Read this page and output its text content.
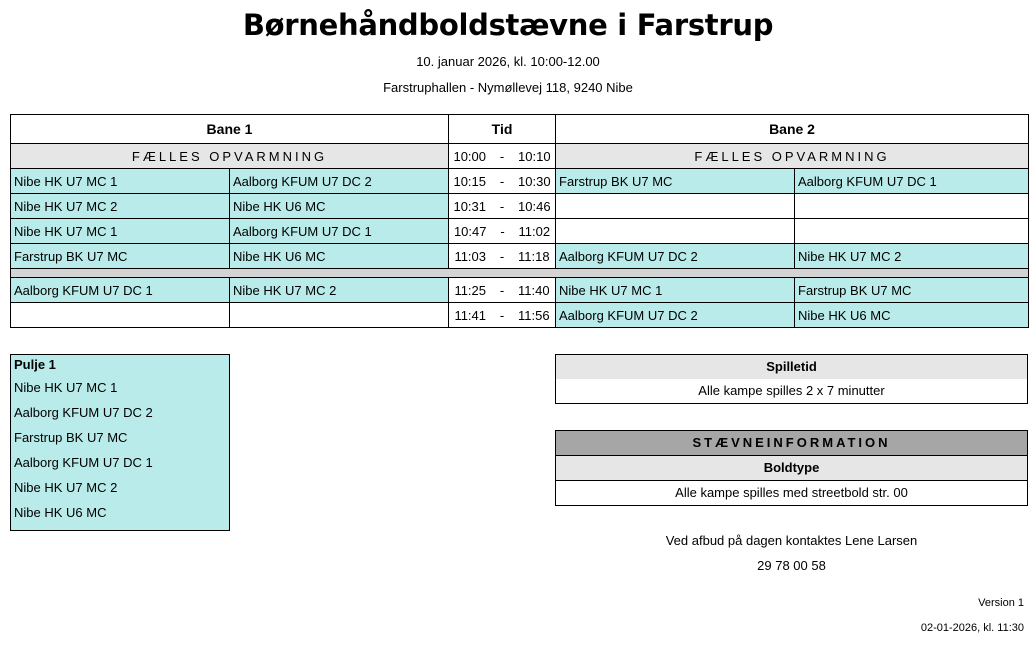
Børnehåndboldstævne i Farstrup
10. januar 2026, kl. 10:00-12.00
Farstruphallen - Nymøllevej 118, 9240 Nibe
Bane 1		Tid	Bane 2	
FÆLLES OPVARMNING		10:00 - 10:10	FÆLLES OPVARMNING	
Nibe HK U7 MC 1	Aalborg KFUM U7 DC 2	10:15 - 10:30	Farstrup BK U7 MC	Aalborg KFUM U7 DC 1
Nibe HK U7 MC 2	Nibe HK U6 MC	10:31 - 10:46		
Nibe HK U7 MC 1	Aalborg KFUM U7 DC 1	10:47 - 11:02		
Farstrup BK U7 MC	Nibe HK U6 MC	11:03 - 11:18	Aalborg KFUM U7 DC 2	Nibe HK U7 MC 2

Aalborg KFUM U7 DC 1	Nibe HK U7 MC 2	11:25 - 11:40	Nibe HK U7 MC 1	Farstrup BK U7 MC
		11:41 - 11:56	Aalborg KFUM U7 DC 2	Nibe HK U6 MC
Pulje 1
Nibe HK U7 MC 1
Aalborg KFUM U7 DC 2
Farstrup BK U7 MC
Aalborg KFUM U7 DC 1
Nibe HK U7 MC 2
Nibe HK U6 MC
Spilletid
Alle kampe spilles 2 x 7 minutter
STÆVNEINFORMATION
Boldtype
Alle kampe spilles med streetbold str. 00
Ved afbud på dagen kontaktes Lene Larsen
29 78 00 58
Version 1
02-01-2026, kl. 11:30
